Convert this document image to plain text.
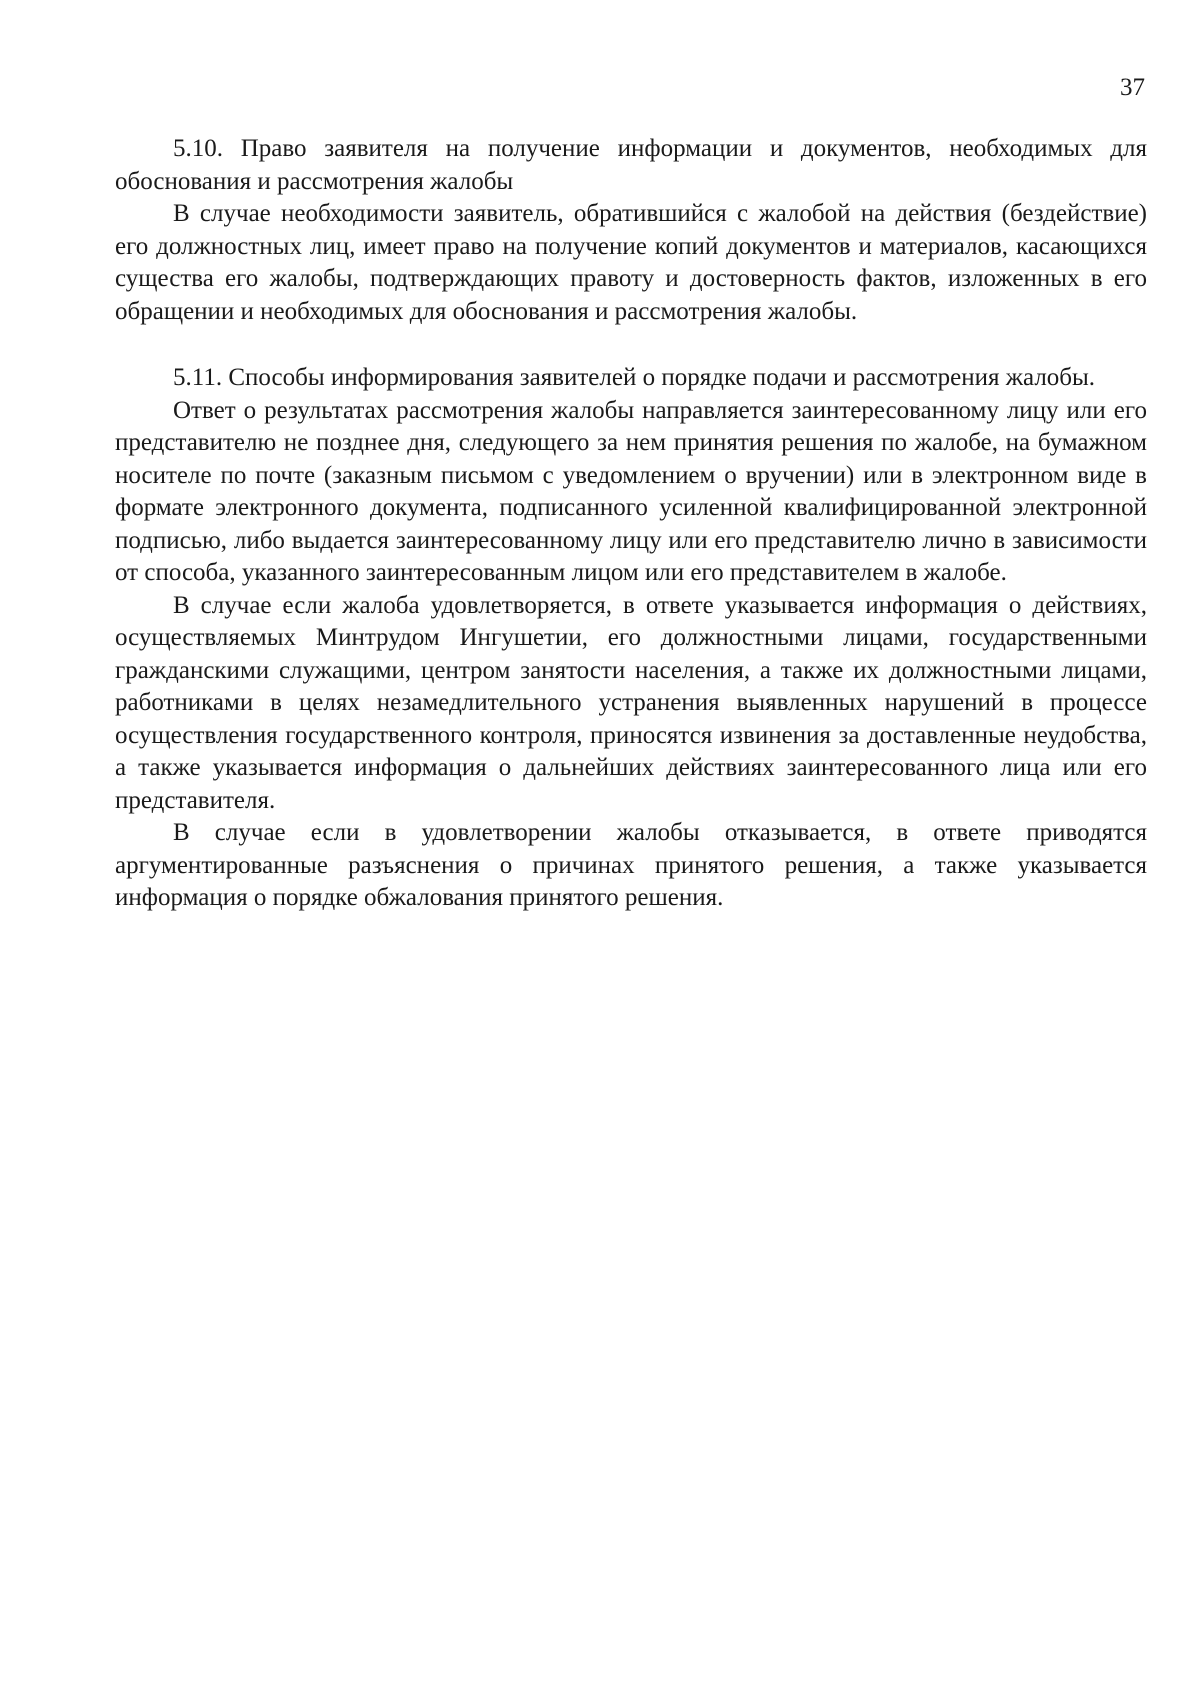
37

5.10. Право заявителя на получение информации и документов, необходимых для обоснования и рассмотрения жалобы

В случае необходимости заявитель, обратившийся с жалобой на действия (бездействие) его должностных лиц, имеет право на получение копий документов и материалов, касающихся существа его жалобы, подтверждающих правоту и достоверность фактов, изложенных в его обращении и необходимых для обоснования и рассмотрения жалобы.

5.11. Способы информирования заявителей о порядке подачи и рассмотрения жалобы.

Ответ о результатах рассмотрения жалобы направляется заинтересованному лицу или его представителю не позднее дня, следующего за нем принятия решения по жалобе, на бумажном носителе по почте (заказным письмом с уведомлением о вручении) или в электронном виде в формате электронного документа, подписанного усиленной квалифицированной электронной подписью, либо выдается заинтересованному лицу или его представителю лично в зависимости от способа, указанного заинтересованным лицом или его представителем в жалобе.

В случае если жалоба удовлетворяется, в ответе указывается информация о действиях, осуществляемых Минтрудом Ингушетии, его должностными лицами, государственными гражданскими служащими, центром занятости населения, а также их должностными лицами, работниками в целях незамедлительного устранения выявленных нарушений в процессе осуществления государственного контроля, приносятся извинения за доставленные неудобства, а также указывается информация о дальнейших действиях заинтересованного лица или его представителя.

В случае если в удовлетворении жалобы отказывается, в ответе приводятся аргументированные разъяснения о причинах принятого решения, а также указывается информация о порядке обжалования принятого решения.
